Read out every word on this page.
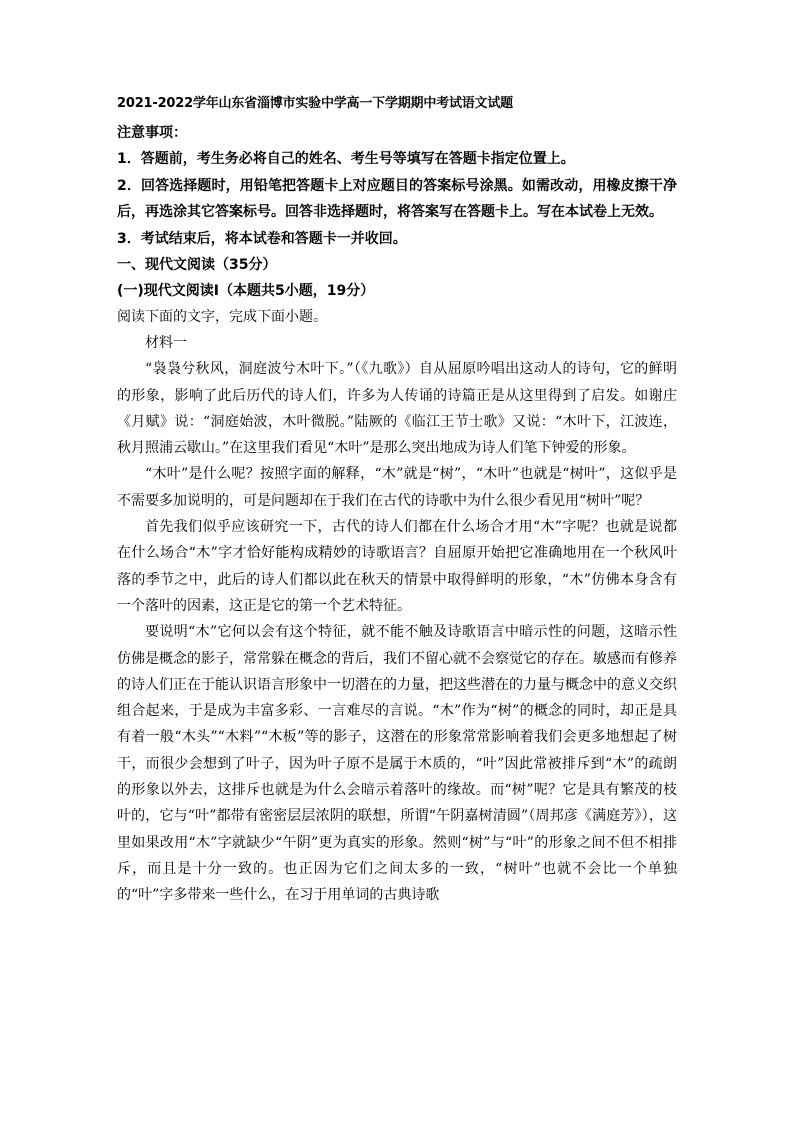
2021-2022学年山东省淄博市实验中学高一下学期期中考试语文试题
注意事项：
1．答题前，考生务必将自己的姓名、考生号等填写在答题卡指定位置上。
2．回答选择题时，用铅笔把答题卡上对应题目的答案标号涂黑。如需改动，用橡皮擦干净后，再选涂其它答案标号。回答非选择题时，将答案写在答题卡上。写在本试卷上无效。
3．考试结束后，将本试卷和答题卡一并收回。
一、现代文阅读（35分）
(一)现代文阅读Ⅰ（本题共5小题，19分）
阅读下面的文字，完成下面小题。
材料一
“袅袅兮秋风，洞庭波兮木叶下。”（《九歌》）自从屈原吟唱出这动人的诗句，它的鲜明的形象，影响了此后历代的诗人们，许多为人传诵的诗篇正是从这里得到了启发。如谢庄《月赋》说：“洞庭始波，木叶微脱。”陆厥的《临江王节士歌》又说：“木叶下，江波连，秋月照浦云歇山。”在这里我们看见“木叶”是那么突出地成为诗人们笔下钟爱的形象。
“木叶”是什么呢？按照字面的解释，“木”就是“树”，“木叶”也就是“树叶”，这似乎是不需要多加说明的，可是问题却在于我们在古代的诗歌中为什么很少看见用“树叶”呢？
首先我们似乎应该研究一下，古代的诗人们都在什么场合才用“木”字呢？也就是说都在什么场合“木”字才恰好能构成精妙的诗歌语言？自屈原开始把它准确地用在一个秋风叶落的季节之中，此后的诗人们都以此在秋天的情景中取得鲜明的形象，“木”仿佛本身含有一个落叶的因素，这正是它的第一个艺术特征。
要说明“木”它何以会有这个特征，就不能不触及诗歌语言中暗示性的问题，这暗示性仿佛是概念的影子，常常躲在概念的背后，我们不留心就不会察觉它的存在。敏感而有修养的诗人们正在于能认识语言形象中一切潜在的力量，把这些潜在的力量与概念中的意义交织组合起来，于是成为丰富多彩、一言难尽的言说。“木”作为“树”的概念的同时，却正是具有着一般“木头”“木料”“木板”等的影子，这潜在的形象常常影响着我们会更多地想起了树干，而很少会想到了叶子，因为叶子原不是属于木质的，“叶”因此常被排斥到“木”的疏朗的形象以外去，这排斥也就是为什么会暗示着落叶的缘故。而“树”呢？它是具有繁茂的枝叶的，它与“叶”都带有密密层层浓阴的联想，所谓“午阴嘉树清圆”（周邦彦《满庭芳》），这里如果改用“木”字就缺少“午阴”更为真实的形象。然则“树”与“叶”的形象之间不但不相排斥，而且是十分一致的。也正因为它们之间太多的一致，“树叶”也就不会比一个单独的“叶”字多带来一些什么，在习于用单词的古典诗歌
